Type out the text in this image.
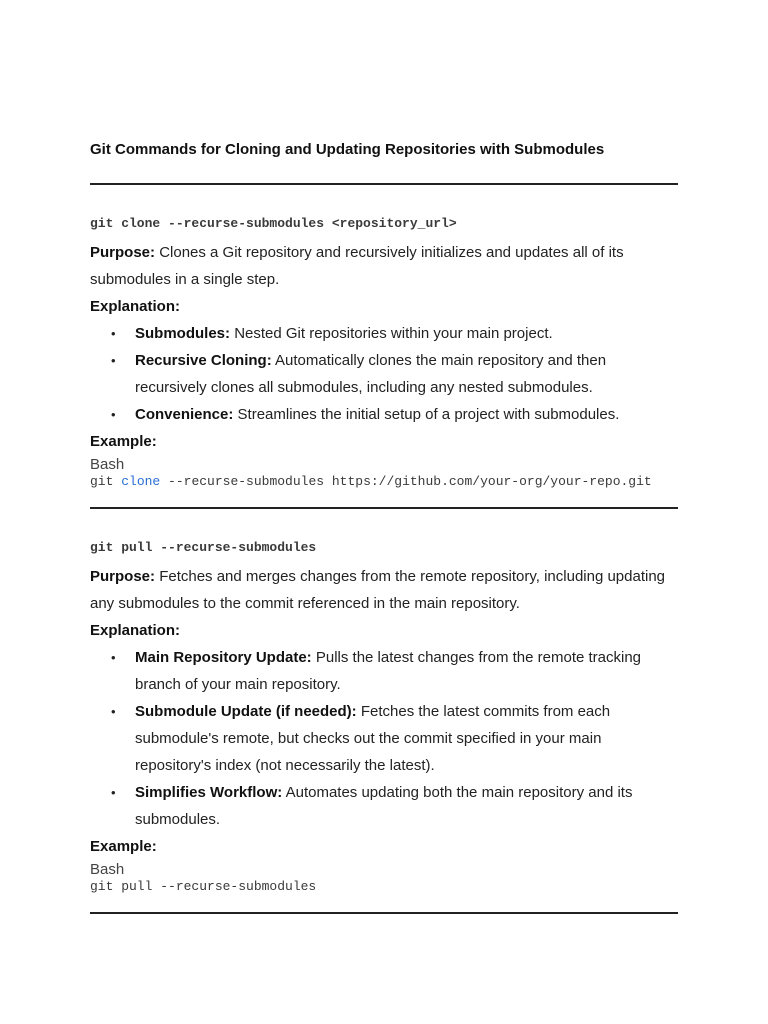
Git Commands for Cloning and Updating Repositories with Submodules
git clone --recurse-submodules <repository_url>

Purpose: Clones a Git repository and recursively initializes and updates all of its submodules in a single step.

Explanation:
• Submodules: Nested Git repositories within your main project.
• Recursive Cloning: Automatically clones the main repository and then recursively clones all submodules, including any nested submodules.
• Convenience: Streamlines the initial setup of a project with submodules.
Example:
Bash
git clone --recurse-submodules https://github.com/your-org/your-repo.git
git pull --recurse-submodules

Purpose: Fetches and merges changes from the remote repository, including updating any submodules to the commit referenced in the main repository.

Explanation:
• Main Repository Update: Pulls the latest changes from the remote tracking branch of your main repository.
• Submodule Update (if needed): Fetches the latest commits from each submodule's remote, but checks out the commit specified in your main repository's index (not necessarily the latest).
• Simplifies Workflow: Automates updating both the main repository and its submodules.
Example:
Bash
git pull --recurse-submodules
